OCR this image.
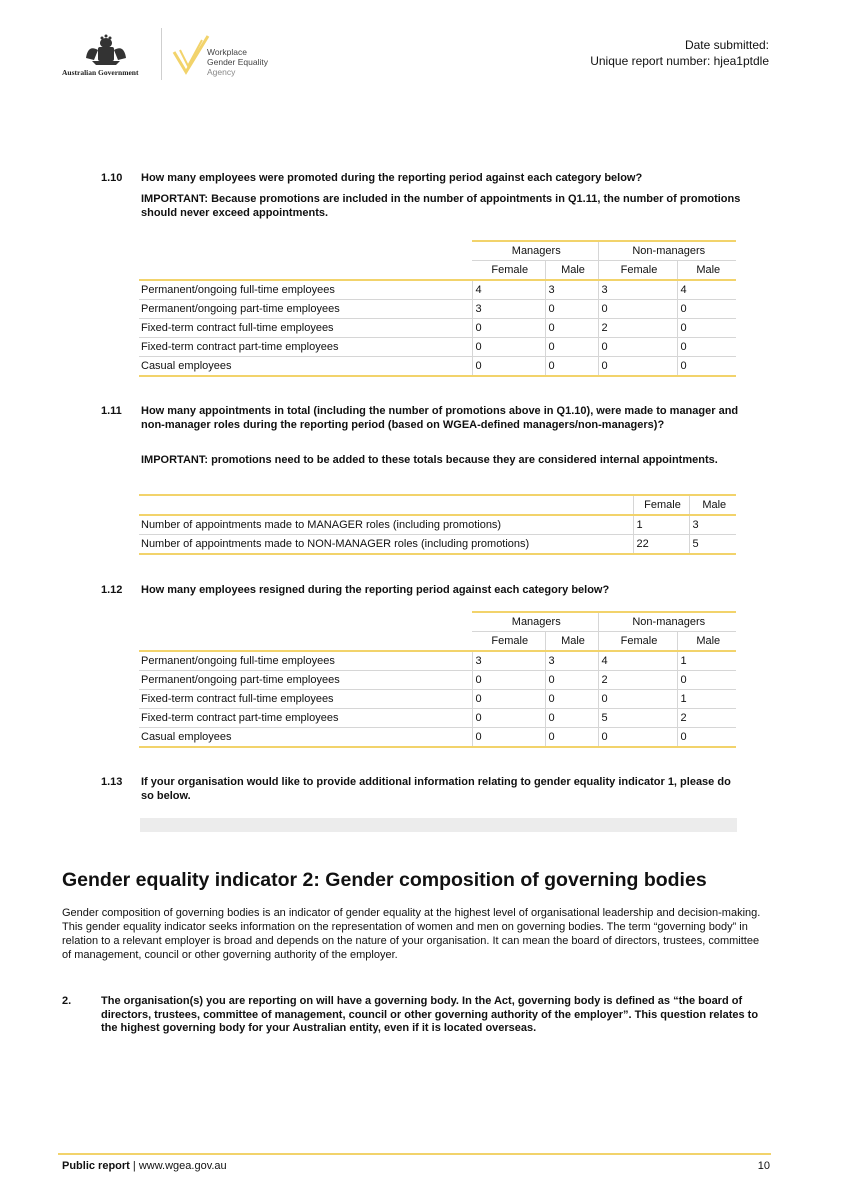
Australian Government
Workplace
Gender Equality
Agency
Date submitted:
Unique report number: hjea1ptdle
1.10 How many employees were promoted during the reporting period against each category below?
IMPORTANT: Because promotions are included in the number of appointments in Q1.11, the number of promotions should never exceed appointments.
	Managers		Non-managers	
	Female	Male	Female	Male
Permanent/ongoing full-time employees	4	3	3	4
Permanent/ongoing part-time employees	3	0	0	0
Fixed-term contract full-time employees	0	0	2	0
Fixed-term contract part-time employees	0	0	0	0
Casual employees	0	0	0	0
1.11 How many appointments in total (including the number of promotions above in Q1.10), were made to manager and non-manager roles during the reporting period (based on WGEA-defined managers/non-managers)?
IMPORTANT: promotions need to be added to these totals because they are considered internal appointments.
	Female	Male
Number of appointments made to MANAGER roles (including promotions)	1	3
Number of appointments made to NON-MANAGER roles (including promotions)	22	5
1.12 How many employees resigned during the reporting period against each category below?
	Managers		Non-managers	
	Female	Male	Female	Male
Permanent/ongoing full-time employees	3	3	4	1
Permanent/ongoing part-time employees	0	0	2	0
Fixed-term contract full-time employees	0	0	0	1
Fixed-term contract part-time employees	0	0	5	2
Casual employees	0	0	0	0
1.13 If your organisation would like to provide additional information relating to gender equality indicator 1, please do so below.
Gender equality indicator 2: Gender composition of governing bodies
Gender composition of governing bodies is an indicator of gender equality at the highest level of organisational leadership and decision-making. This gender equality indicator seeks information on the representation of women and men on governing bodies. The term “governing body” in relation to a relevant employer is broad and depends on the nature of your organisation. It can mean the board of directors, trustees, committee of management, council or other governing authority of the employer.
2.	The organisation(s) you are reporting on will have a governing body. In the Act, governing body is defined as “the board of directors, trustees, committee of management, council or other governing authority of the employer”. This question relates to the highest governing body for your Australian entity, even if it is located overseas.
Public report | www.wgea.gov.au	10
